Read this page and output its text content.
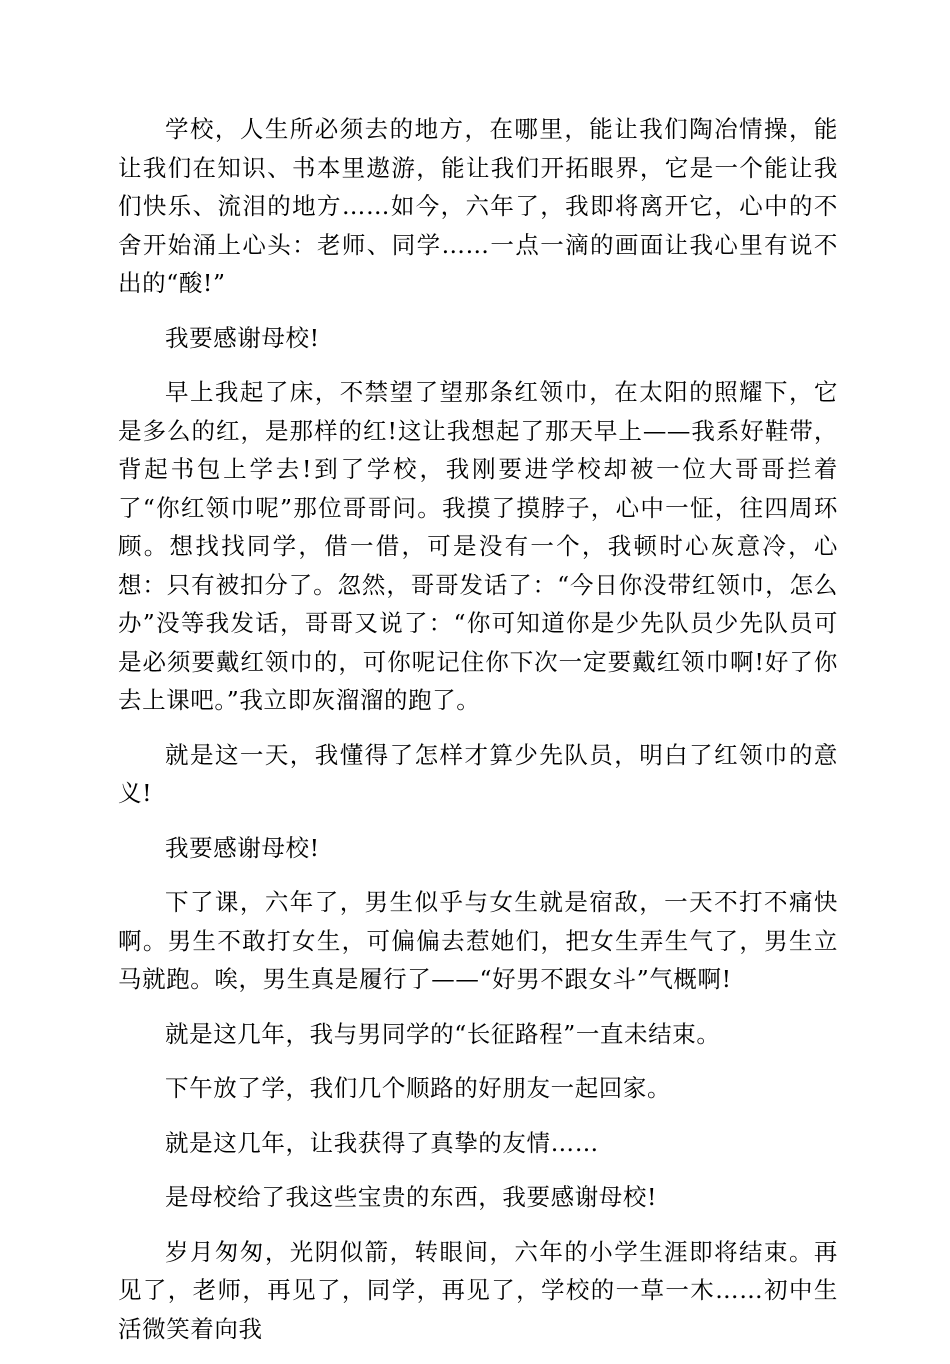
学校，人生所必须去的地方，在哪里，能让我们陶冶情操，能让我们在知识、书本里遨游，能让我们开拓眼界，它是一个能让我们快乐、流泪的地方……如今，六年了，我即将离开它，心中的不舍开始涌上心头：老师、同学……一点一滴的画面让我心里有说不出的“酸!”

我要感谢母校!

早上我起了床，不禁望了望那条红领巾，在太阳的照耀下，它是多么的红，是那样的红!这让我想起了那天早上——我系好鞋带，背起书包上学去!到了学校，我刚要进学校却被一位大哥哥拦着了“你红领巾呢”那位哥哥问。我摸了摸脖子，心中一怔，往四周环顾。想找找同学，借一借，可是没有一个，我顿时心灰意冷，心想：只有被扣分了。忽然，哥哥发话了：“今日你没带红领巾，怎么办”没等我发话，哥哥又说了：“你可知道你是少先队员少先队员可是必须要戴红领巾的，可你呢记住你下次一定要戴红领巾啊!好了你去上课吧。”我立即灰溜溜的跑了。

就是这一天，我懂得了怎样才算少先队员，明白了红领巾的意义!

我要感谢母校!

下了课，六年了，男生似乎与女生就是宿敌，一天不打不痛快啊。男生不敢打女生，可偏偏去惹她们，把女生弄生气了，男生立马就跑。唉，男生真是履行了——“好男不跟女斗”气概啊!

就是这几年，我与男同学的“长征路程”一直未结束。

下午放了学，我们几个顺路的好朋友一起回家。

就是这几年，让我获得了真挚的友情……

是母校给了我这些宝贵的东西，我要感谢母校!

岁月匆匆，光阴似箭，转眼间，六年的小学生涯即将结束。再见了，老师，再见了，同学，再见了，学校的一草一木……初中生活微笑着向我
